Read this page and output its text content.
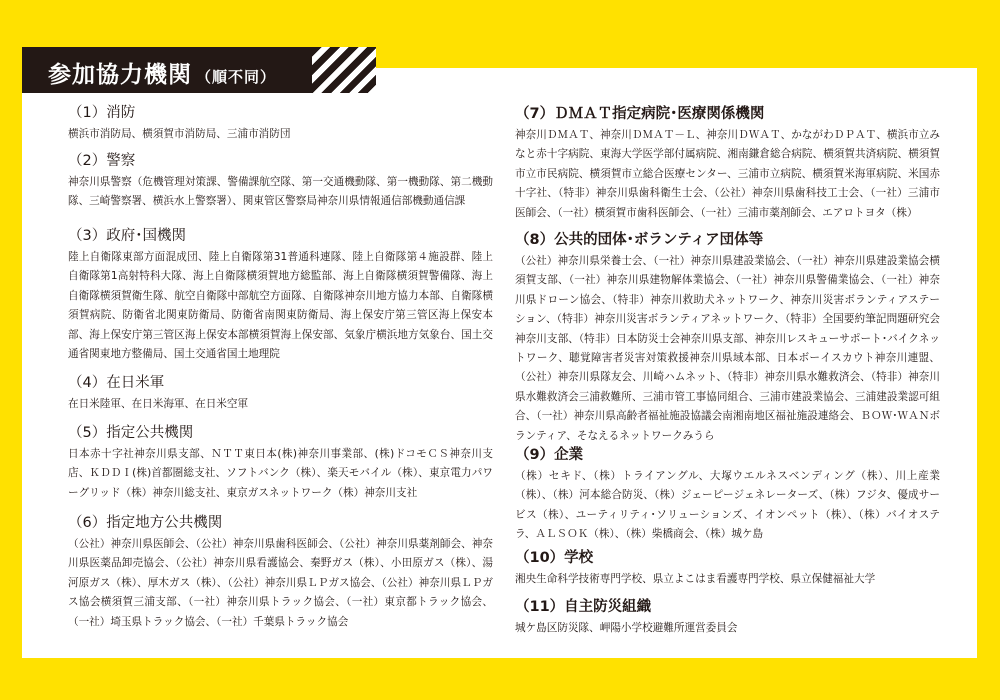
参加協力機関 （順不同）
（1）消防

横浜市消防局、横須賀市消防局、三浦市消防団

（2）警察

神奈川県警察（危機管理対策課、警備課航空隊、第一交通機動隊、第一機動隊、第二機動隊、三崎警察署、横浜水上警察署）、関東管区警察局神奈川県情報通信部機動通信課

（3）政府･国機関

陸上自衛隊東部方面混成団、陸上自衛隊第31普通科連隊、陸上自衛隊第４施設群、陸上自衛隊第1高射特科大隊、海上自衛隊横須賀地方総監部、海上自衛隊横須賀警備隊、海上自衛隊横須賀衛生隊、航空自衛隊中部航空方面隊、自衛隊神奈川地方協力本部、自衛隊横須賀病院、防衛省北関東防衛局、防衛省南関東防衛局、海上保安庁第三管区海上保安本部、海上保安庁第三管区海上保安本部横須賀海上保安部、気象庁横浜地方気象台、国土交通省関東地方整備局、国土交通省国土地理院

（4）在日米軍

在日米陸軍、在日米海軍、在日米空軍

（5）指定公共機関

日本赤十字社神奈川県支部、ＮＴＴ東日本(株)神奈川事業部、(株)ドコモＣＳ神奈川支店、ＫＤＤＩ(株)首都圏総支社、ソフトバンク（株）、楽天モバイル（株）、東京電力パワーグリッド（株）神奈川総支社、東京ガスネットワーク（株）神奈川支社

（6）指定地方公共機関

（公社）神奈川県医師会、（公社）神奈川県歯科医師会、（公社）神奈川県薬剤師会、神奈川県医薬品卸売協会、（公社）神奈川県看護協会、秦野ガス（株）、小田原ガス（株）、湯河原ガス（株）、厚木ガス（株）、（公社）神奈川県ＬＰガス協会、（公社）神奈川県ＬＰガス協会横須賀三浦支部、（一社）神奈川県トラック協会、（一社）東京都トラック協会、（一社）埼玉県トラック協会、（一社）千葉県トラック協会

（7）ＤＭＡＴ指定病院･医療関係機関

神奈川ＤＭＡＴ、神奈川ＤＭＡＴ－Ｌ、神奈川ＤＷＡＴ、かながわＤＰＡＴ、横浜市立みなと赤十字病院、東海大学医学部付属病院、湘南鎌倉総合病院、横須賀共済病院、横須賀市立市民病院、横須賀市立総合医療センター、三浦市立病院、横須賀米海軍病院、米国赤十字社、（特非）神奈川県歯科衛生士会、（公社）神奈川県歯科技工士会、（一社）三浦市医師会、（一社）横須賀市歯科医師会、（一社）三浦市薬剤師会、エアロトヨタ（株）

（8）公共的団体･ボランティア団体等

（公社）神奈川県栄養士会、（一社）神奈川県建設業協会、（一社）神奈川県建設業協会横須賀支部、（一社）神奈川県建物解体業協会、（一社）神奈川県警備業協会、（一社）神奈川県ドローン協会、（特非）神奈川救助犬ネットワーク、神奈川災害ボランティアステーション、（特非）神奈川災害ボランティアネットワーク、（特非）全国要約筆記問題研究会神奈川支部、（特非）日本防災士会神奈川県支部、神奈川レスキューサポート･バイクネットワーク、聴覚障害者災害対策救援神奈川県域本部、日本ボーイスカウト神奈川連盟、（公社）神奈川県隊友会、川崎ハムネット、（特非）神奈川県水難救済会、（特非）神奈川県水難救済会三浦救難所、三浦市管工事協同組合、三浦市建設業協会、三浦建設業認可組合、（一社）神奈川県高齢者福祉施設協議会南湘南地区福祉施設連絡会、ＢＯＷ･ＷＡＮボランティア、そなえるネットワークみうら

（9）企業

（株）セキド、（株）トライアングル、大塚ウエルネスベンディング（株）、川上産業（株）、（株）河本総合防災、（株）ジェーピージェネレーターズ、（株）フジタ、優成サービス（株）、ユーティリティ･ソリューションズ、イオンペット（株）、（株）バイオステラ、ＡＬＳＯＫ（株）、（株）柴橋商会、（株）城ケ島

（10）学校

湘央生命科学技術専門学校、県立よこはま看護専門学校、県立保健福祉大学

（11）自主防災組織

城ケ島区防災隊、岬陽小学校避難所運営委員会
